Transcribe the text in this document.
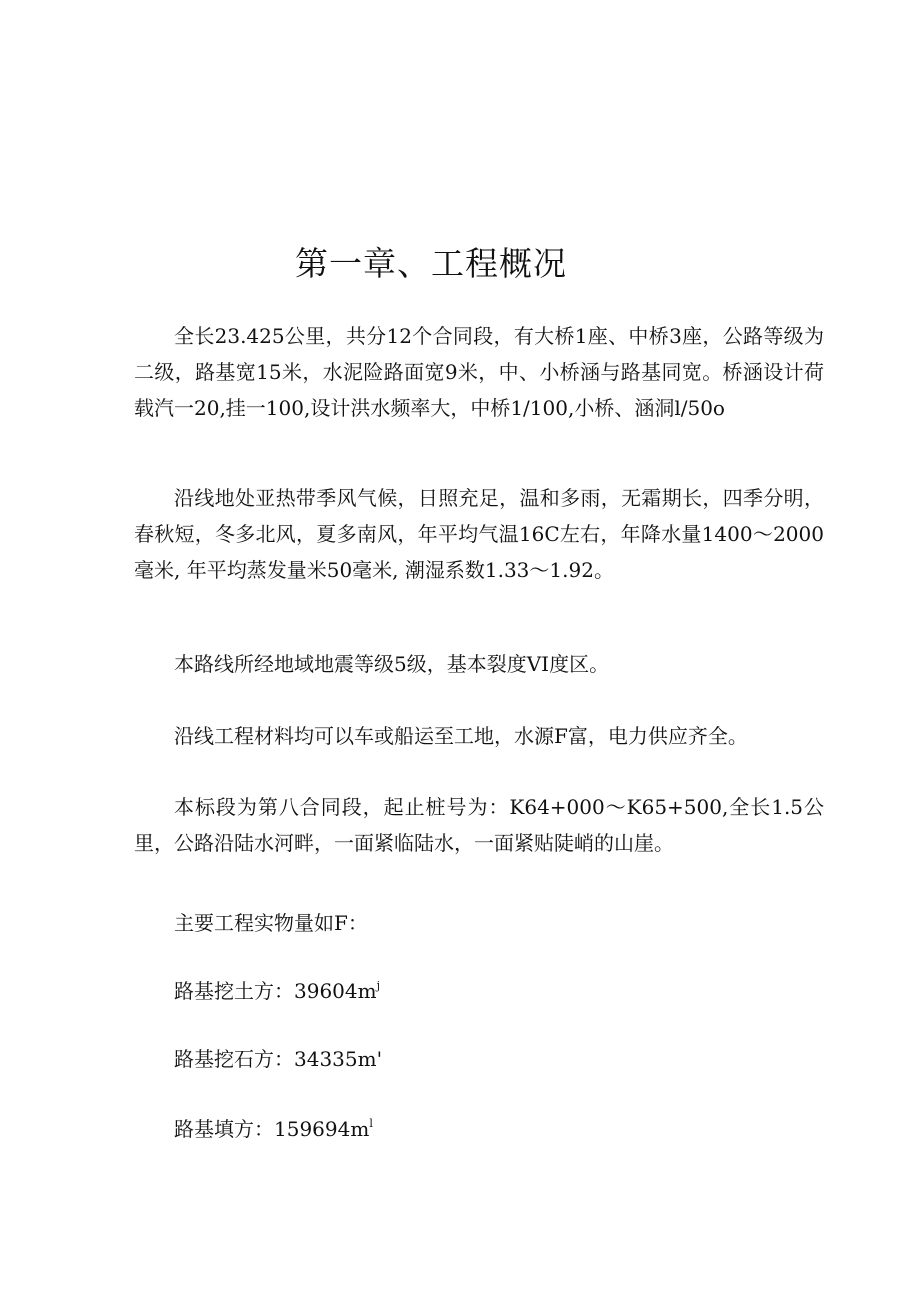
第一章、工程概况

全长23.425公里，共分12个合同段，有大桥1座、中桥3座，公路等级为二级，路基宽15米，水泥险路面宽9米，中、小桥涵与路基同宽。桥涵设计荷载汽一20,挂一100,设计洪水频率大，中桥1/100,小桥、涵洞l/50o

沿线地处亚热带季风气候，日照充足，温和多雨，无霜期长，四季分明，春秋短，冬多北风，夏多南风，年平均气温16C左右，年降水量1400～2000毫米, 年平均蒸发量米50毫米, 潮湿系数1.33～1.92。

本路线所经地域地震等级5级，基本裂度VI度区。

沿线工程材料均可以车或船运至工地，水源F富，电力供应齐全。

本标段为第八合同段，起止桩号为：K64+000～K65+500,全长1.5公里，公路沿陆水河畔，一面紧临陆水，一面紧贴陡峭的山崖。

主要工程实物量如F：

路基挖土方：$39604m^j$

路基挖石方：34335m'

路基填方：$159694m^l$
